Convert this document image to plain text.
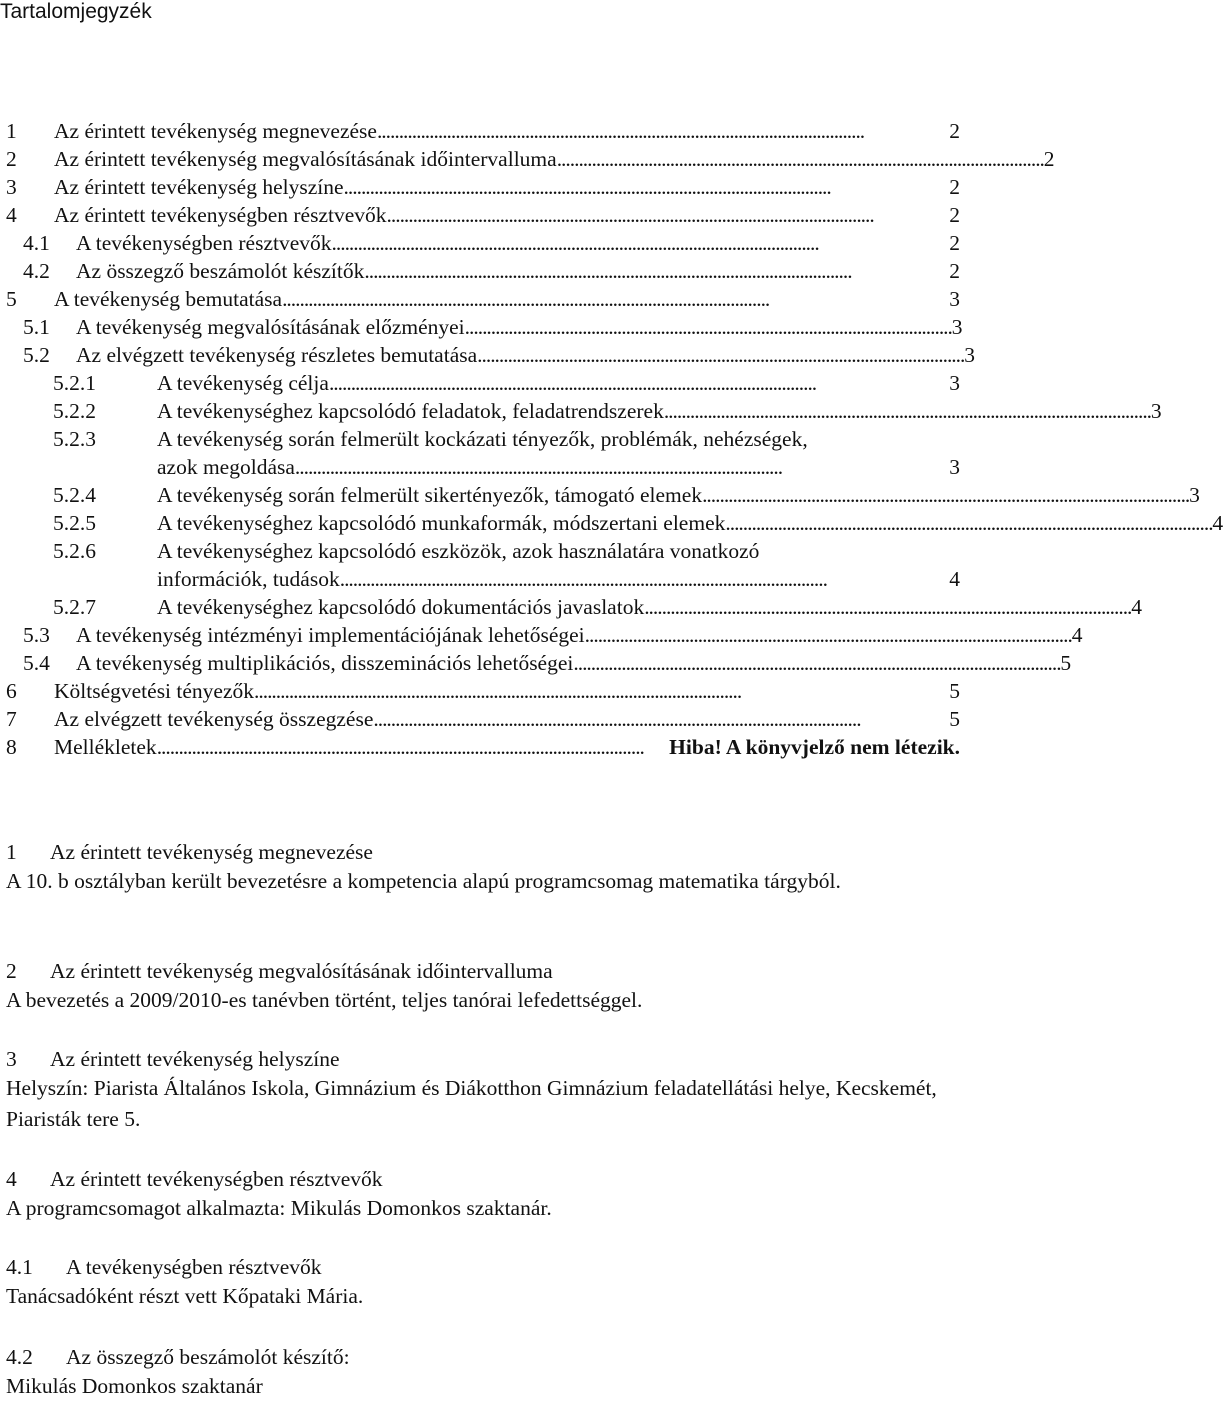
Tartalomjegyzék
1	Az érintett tevékenység megnevezése . . .	2
2	Az érintett tevékenység megvalósításának időintervalluma . . .	2
3	Az érintett tevékenység helyszíne . . .	2
4	Az érintett tevékenységben résztvevők . . .	2
4.1	A tevékenységben résztvevők . . .	2
4.2	Az összegző beszámolót készítők . . .	2
5	A tevékenység bemutatása . . .	3
5.1	A tevékenység megvalósításának előzményei . . .	3
5.2	Az elvégzett tevékenység részletes bemutatása . . .	3
5.2.1	A tevékenység célja . . .	3
5.2.2	A tevékenységhez kapcsolódó feladatok, feladatrendszerek . . .	3
5.2.3	A tevékenység során felmerült kockázati tényezők, problémák, nehézségek,
azok megoldása . . .	3
5.2.4	A tevékenység során felmerült sikertényezők, támogató elemek . . .	3
5.2.5	A tevékenységhez kapcsolódó munkaformák, módszertani elemek . . .	4
5.2.6	A tevékenységhez kapcsolódó eszközök, azok használatára vonatkozó
információk, tudások . . .	4
5.2.7	A tevékenységhez kapcsolódó dokumentációs javaslatok . . .	4
5.3	A tevékenység intézményi implementációjának lehetőségei . . .	4
5.4	A tevékenység multiplikációs, disszeminációs lehetőségei . . .	5
6	Költségvetési tényezők . . .	5
7	Az elvégzett tevékenység összegzése . . .	5
8	Mellékletek . . .	Hiba! A könyvjelző nem létezik.
1	Az érintett tevékenység megnevezése

A 10. b osztályban került bevezetésre a kompetencia alapú programcsomag matematika tárgyból.

2	Az érintett tevékenység megvalósításának időintervalluma

A bevezetés a 2009/2010-es tanévben történt, teljes tanórai lefedettséggel.

3	Az érintett tevékenység helyszíne

Helyszín: Piarista Általános Iskola, Gimnázium és Diákotthon Gimnázium feladatellátási helye, Kecskemét, Piaristák tere 5.

4	Az érintett tevékenységben résztvevők

A programcsomagot alkalmazta: Mikulás Domonkos szaktanár.

4.1	A tevékenységben résztvevők

Tanácsadóként részt vett Kőpataki Mária.

4.2	Az összegző beszámolót készítő:

Mikulás Domonkos szaktanár
